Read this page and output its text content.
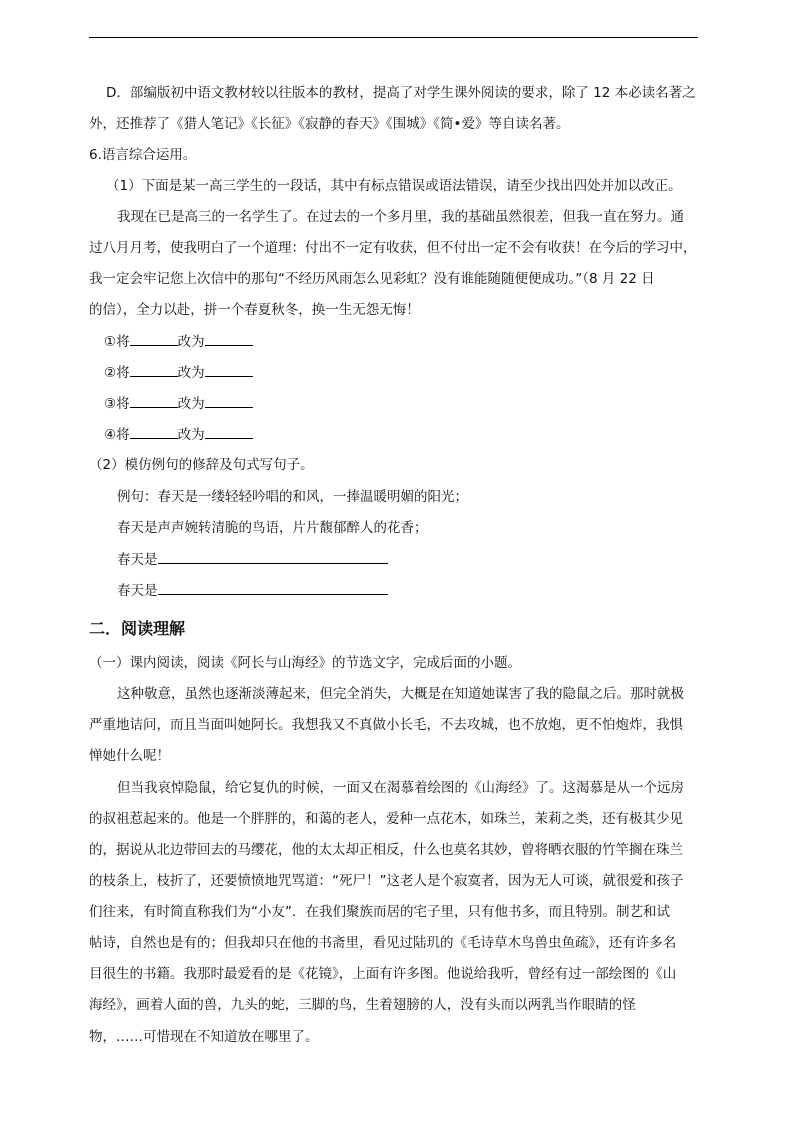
D．部编版初中语文教材较以往版本的教材，提高了对学生课外阅读的要求，除了 12 本必读名著之
外，还推荐了《猎人笔记》《长征》《寂静的春天》《围城》《简•爱》等自读名著。
6.语言综合运用。
（1）下面是某一高三学生的一段话，其中有标点错误或语法错误，请至少找出四处并加以改正。
我现在已是高三的一名学生了。在过去的一个多月里，我的基础虽然很差，但我一直在努力。通
过八月月考，使我明白了一个道理：付出不一定有收获，但不付出一定不会有收获！在今后的学习中，
我一定会牢记您上次信中的那句“不经历风雨怎么见彩虹？没有谁能随随便便成功。”（8 月 22 日
的信），全力以赴，拼一个春夏秋冬，换一生无怨无悔！
①将	改为
②将	改为
③将	改为
④将	改为
（2）模仿例句的修辞及句式写句子。
例句：春天是一缕轻轻吟唱的和风，一捧温暖明媚的阳光；
春天是声声婉转清脆的鸟语，片片馥郁醉人的花香；
春天是
春天是
二．阅读理解
（一）课内阅读，阅读《阿长与山海经》的节选文字，完成后面的小题。
这种敬意，虽然也逐渐淡薄起来，但完全消失，大概是在知道她谋害了我的隐鼠之后。那时就极
严重地诘问，而且当面叫她阿长。我想我又不真做小长毛，不去攻城，也不放炮，更不怕炮炸，我惧
惮她什么呢！
但当我哀悼隐鼠，给它复仇的时候，一面又在渴慕着绘图的《山海经》了。这渴慕是从一个远房
的叔祖惹起来的。他是一个胖胖的，和蔼的老人，爱种一点花木，如珠兰，茉莉之类，还有极其少见
的，据说从北边带回去的马缨花，他的太太却正相反，什么也莫名其妙，曾将晒衣服的竹竿搁在珠兰
的枝条上，枝折了，还要愤愤地咒骂道：“死尸！”这老人是个寂寞者，因为无人可谈，就很爱和孩子
们往来，有时简直称我们为“小友”．在我们聚族而居的宅子里，只有他书多，而且特别。制艺和试
帖诗，自然也是有的；但我却只在他的书斋里，看见过陆玑的《毛诗草木鸟兽虫鱼疏》，还有许多名
目很生的书籍。我那时最爱看的是《花镜》，上面有许多图。他说给我听，曾经有过一部绘图的《山
海经》，画着人面的兽，九头的蛇，三脚的鸟，生着翅膀的人，没有头而以两乳当作眼睛的怪
物，……可惜现在不知道放在哪里了。
